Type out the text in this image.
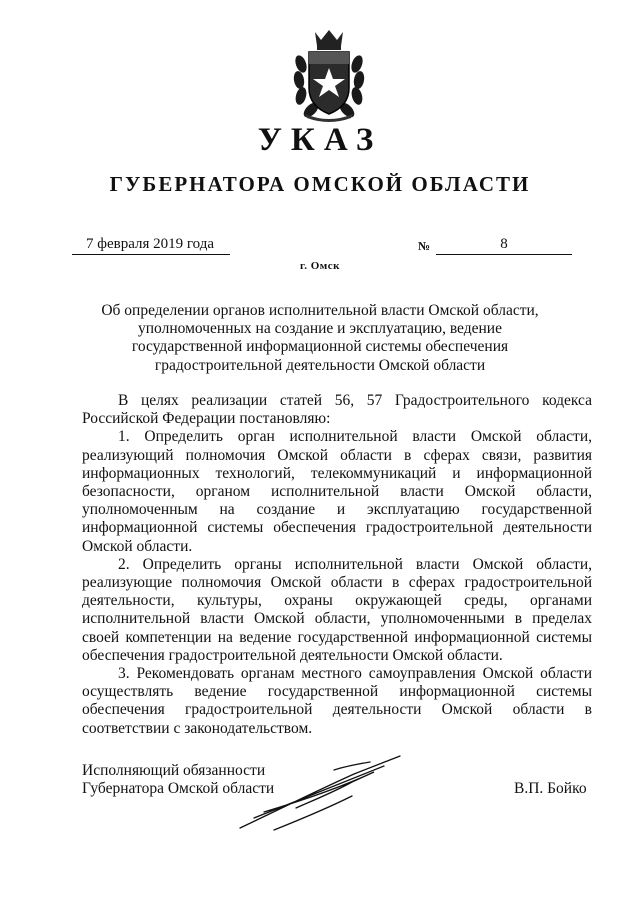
УКАЗ
ГУБЕРНАТОРА ОМСКОЙ ОБЛАСТИ
7 февраля 2019 года	№	8
г. Омск
Об определении органов исполнительной власти Омской области,
уполномоченных на создание и эксплуатацию, ведение
государственной информационной системы обеспечения
градостроительной деятельности Омской области

В целях реализации статей 56, 57 Градостроительного кодекса Российской Федерации постановляю:

1. Определить орган исполнительной власти Омской области, реализующий полномочия Омской области в сферах связи, развития информационных технологий, телекоммуникаций и информационной безопасности, органом исполнительной власти Омской области, уполномоченным на создание и эксплуатацию государственной информационной системы обеспечения градостроительной деятельности Омской области.

2. Определить органы исполнительной власти Омской области, реализующие полномочия Омской области в сферах градостроительной деятельности, культуры, охраны окружающей среды, органами исполнительной власти Омской области, уполномоченными в пределах своей компетенции на ведение государственной информационной системы обеспечения градостроительной деятельности Омской области.

3. Рекомендовать органам местного самоуправления Омской области осуществлять ведение государственной информационной системы обеспечения градостроительной деятельности Омской области в соответствии с законодательством.

Исполняющий обязанности
Губернатора Омской области	В.П. Бойко
